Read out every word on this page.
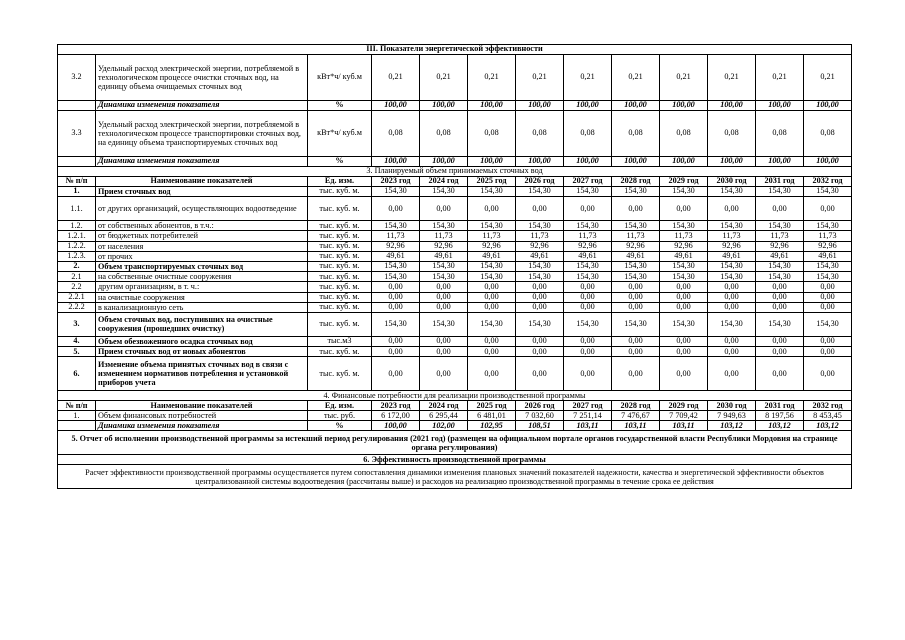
III. Показатели энергетической эффективности												
3.2	Удельный расход электрической энергии, потребляемой в технологическом процессе очистки сточных вод, на единицу объема очищаемых сточных вод	кВт*ч/ куб.м	0,21	0,21	0,21	0,21	0,21	0,21	0,21	0,21	0,21	0,21
	Динамика изменения показателя	%	100,00	100,00	100,00	100,00	100,00	100,00	100,00	100,00	100,00	100,00
3.3	Удельный расход электрической энергии, потребляемой в технологическом процессе транспортировки сточных вод, на единицу объема транспортируемых сточных вод	кВт*ч/ куб.м	0,08	0,08	0,08	0,08	0,08	0,08	0,08	0,08	0,08	0,08
	Динамика изменения показателя	%	100,00	100,00	100,00	100,00	100,00	100,00	100,00	100,00	100,00	100,00
3. Планируемый объем принимаемых сточных вод												
№ п/п	Наименование показателей	Ед. изм.	2023 год	2024 год	2025 год	2026 год	2027 год	2028 год	2029 год	2030 год	2031 год	2032 год
1.	Прием сточных вод	тыс. куб. м.	154,30	154,30	154,30	154,30	154,30	154,30	154,30	154,30	154,30	154,30
1.1.	от других организаций, осуществляющих водоотведение	тыс. куб. м.	0,00	0,00	0,00	0,00	0,00	0,00	0,00	0,00	0,00	0,00
1.2.	от собственных абонентов, в т.ч.:	тыс. куб. м.	154,30	154,30	154,30	154,30	154,30	154,30	154,30	154,30	154,30	154,30
1.2.1.	от бюджетных потребителей	тыс. куб. м.	11,73	11,73	11,73	11,73	11,73	11,73	11,73	11,73	11,73	11,73
1.2.2.	от населения	тыс. куб. м.	92,96	92,96	92,96	92,96	92,96	92,96	92,96	92,96	92,96	92,96
1.2.3.	от прочих	тыс. куб. м.	49,61	49,61	49,61	49,61	49,61	49,61	49,61	49,61	49,61	49,61
2.	Объем транспортируемых сточных вод	тыс. куб. м.	154,30	154,30	154,30	154,30	154,30	154,30	154,30	154,30	154,30	154,30
2.1	на собственные очистные сооружения	тыс. куб. м.	154,30	154,30	154,30	154,30	154,30	154,30	154,30	154,30	154,30	154,30
2.2	другим организациям, в т. ч.:	тыс. куб. м.	0,00	0,00	0,00	0,00	0,00	0,00	0,00	0,00	0,00	0,00
2.2.1	на очистные сооружения	тыс. куб. м.	0,00	0,00	0,00	0,00	0,00	0,00	0,00	0,00	0,00	0,00
2.2.2	в канализационную сеть	тыс. куб. м.	0,00	0,00	0,00	0,00	0,00	0,00	0,00	0,00	0,00	0,00
3.	Объем сточных вод, поступивших на очистные сооружения (прошедших очистку)	тыс. куб. м.	154,30	154,30	154,30	154,30	154,30	154,30	154,30	154,30	154,30	154,30
4.	Объем обезвоженного осадка сточных вод	тыс.м3	0,00	0,00	0,00	0,00	0,00	0,00	0,00	0,00	0,00	0,00
5.	Прием сточных вод от новых абонентов	тыс. куб. м.	0,00	0,00	0,00	0,00	0,00	0,00	0,00	0,00	0,00	0,00
6.	Изменение объема принятых сточных вод в связи с изменением нормативов потребления и установкой приборов учета	тыс. куб. м.	0,00	0,00	0,00	0,00	0,00	0,00	0,00	0,00	0,00	0,00
4. Финансовые потребности для реализации производственной программы												
№ п/п	Наименование показателей	Ед. изм.	2023 год	2024 год	2025 год	2026 год	2027 год	2028 год	2029 год	2030 год	2031 год	2032 год
1.	Объем финансовых потребностей	тыс. руб.	6 172,00	6 295,44	6 481,01	7 032,60	7 251,14	7 476,67	7 709,42	7 949,63	8 197,56	8 453,45
	Динамика изменения показателя	%	100,00	102,00	102,95	108,51	103,11	103,11	103,11	103,12	103,12	103,12
5. Отчет об исполнении производственной программы за истекший период регулирования (2021 год) (размещен на официальном портале органов государственной власти Республики Мордовия на странице органа регулирования)												
6. Эффективность производственной программы												
Расчет эффективности производственной программы осуществляется путем сопоставления динамики изменения плановых значений показателей надежности, качества и энергетической эффективности объектов централизованной системы водоотведения (рассчитаны выше) и расходов на реализацию производственной программы в течение срока ее действия												
